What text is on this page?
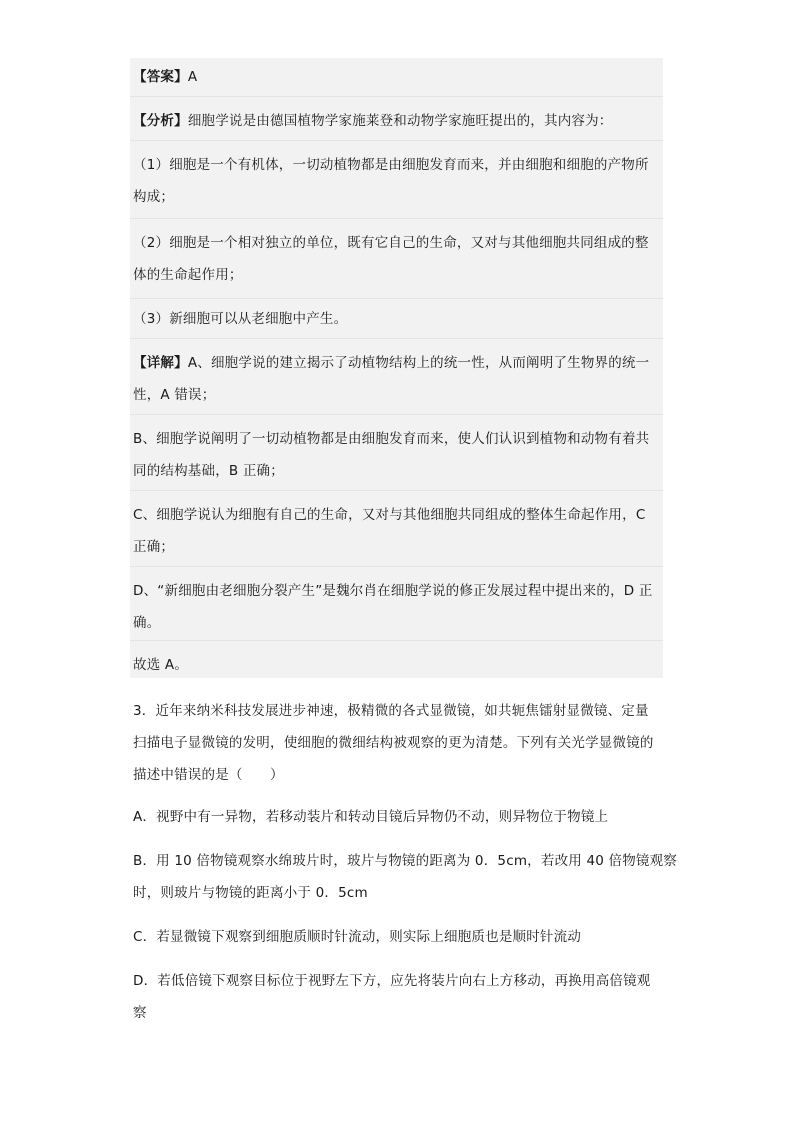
【答案】A
【分析】细胞学说是由德国植物学家施莱登和动物学家施旺提出的，其内容为：
（1）细胞是一个有机体，一切动植物都是由细胞发育而来，并由细胞和细胞的产物所
构成；
（2）细胞是一个相对独立的单位，既有它自己的生命，又对与其他细胞共同组成的整
体的生命起作用；
（3）新细胞可以从老细胞中产生。
【详解】A、细胞学说的建立揭示了动植物结构上的统一性，从而阐明了生物界的统一
性，A 错误；
B、细胞学说阐明了一切动植物都是由细胞发育而来，使人们认识到植物和动物有着共
同的结构基础，B 正确；
C、细胞学说认为细胞有自己的生命，又对与其他细胞共同组成的整体生命起作用，C
正确；
D、“新细胞由老细胞分裂产生”是魏尔肖在细胞学说的修正发展过程中提出来的，D 正
确。
故选 A。
3．近年来纳米科技发展进步神速，极精微的各式显微镜，如共轭焦镭射显微镜、定量
扫描电子显微镜的发明，使细胞的微细结构被观察的更为清楚。下列有关光学显微镜的
描述中错误的是（　　）
A．视野中有一异物，若移动装片和转动目镜后异物仍不动，则异物位于物镜上
B．用 10 倍物镜观察水绵玻片时，玻片与物镜的距离为 0．5cm，若改用 40 倍物镜观察
时，则玻片与物镜的距离小于 0．5cm
C．若显微镜下观察到细胞质顺时针流动，则实际上细胞质也是顺时针流动
D．若低倍镜下观察目标位于视野左下方，应先将装片向右上方移动，再换用高倍镜观
察
